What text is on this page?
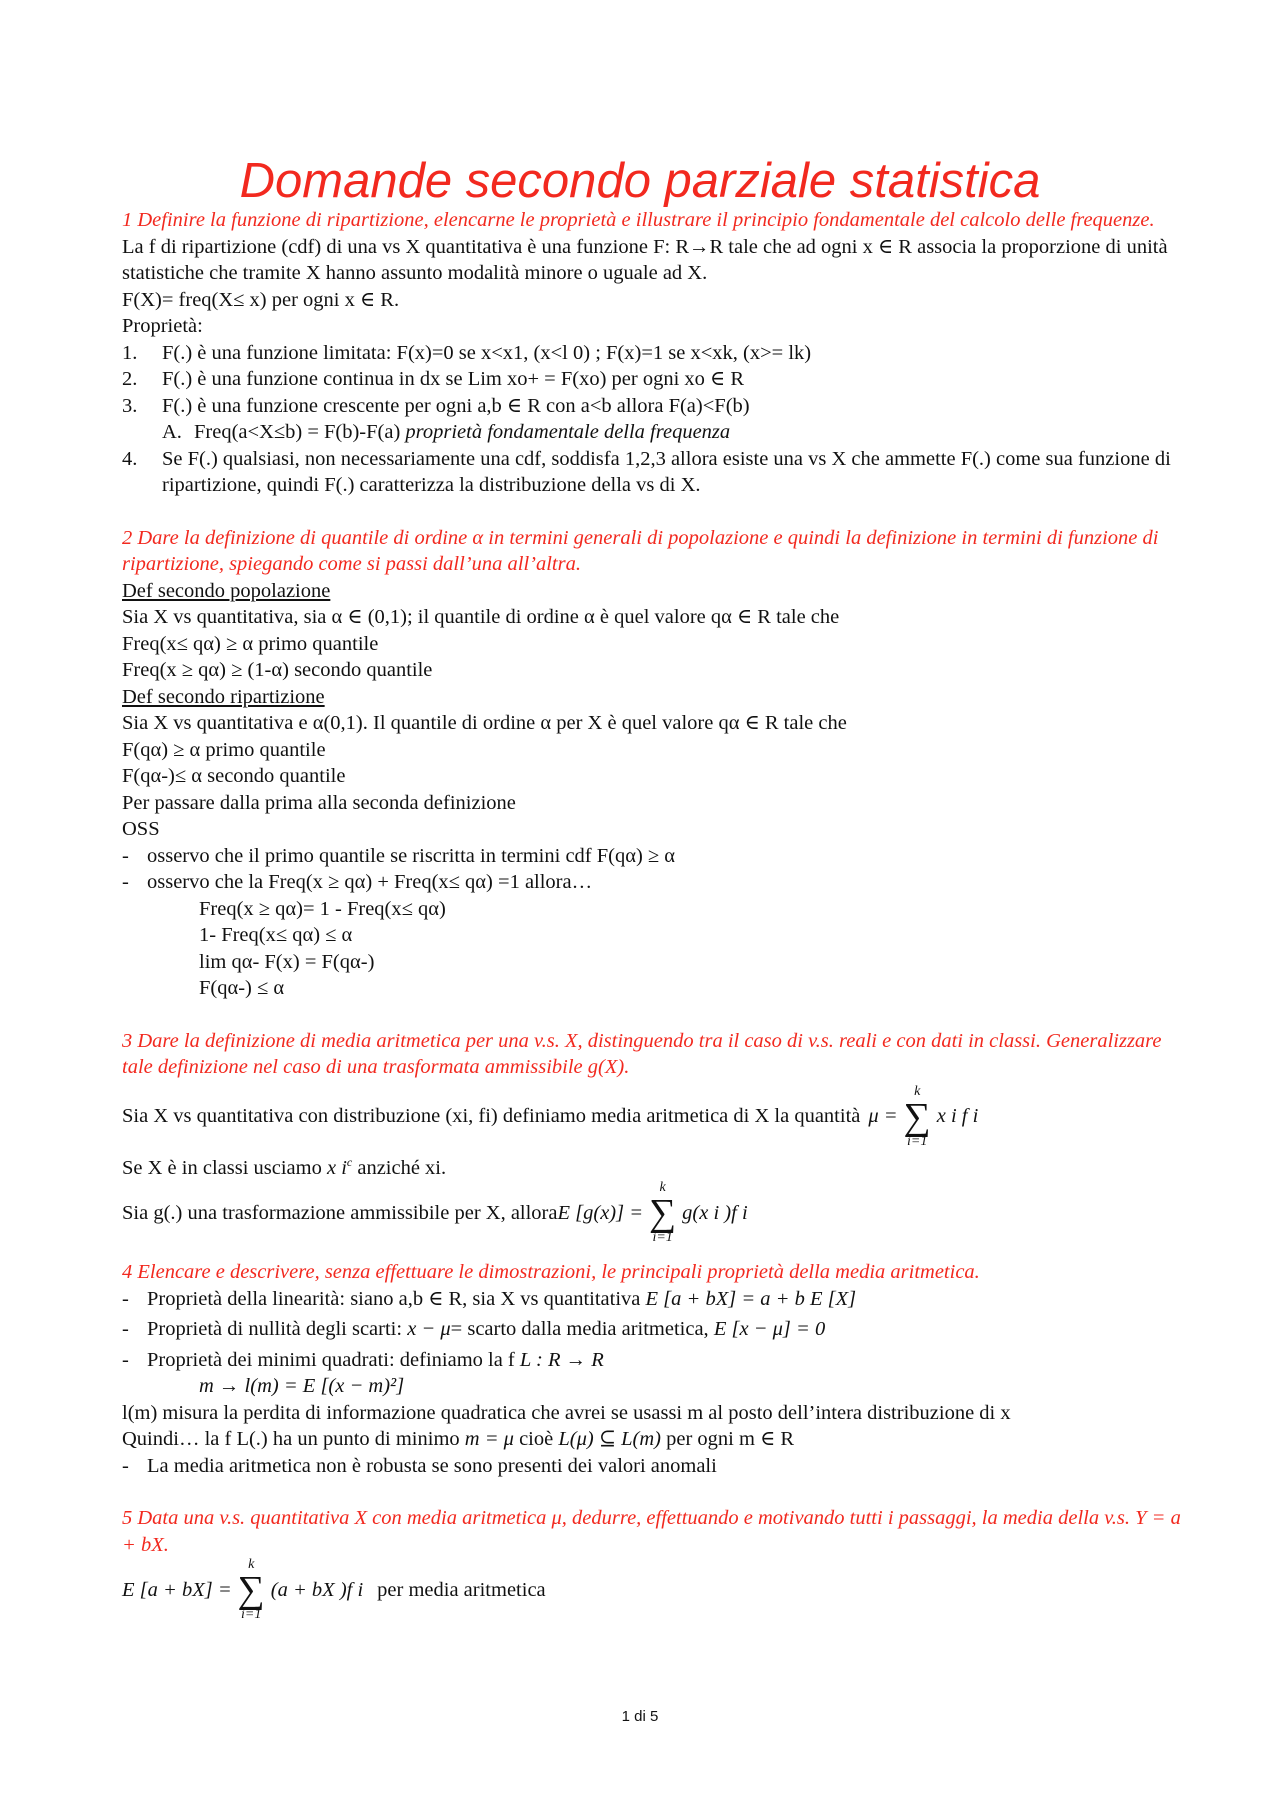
Domande secondo parziale statistica

1 Definire la funzione di ripartizione, elencarne le proprietà e illustrare il principio fondamentale del calcolo delle frequenze.

La f di ripartizione (cdf) di una vs X quantitativa è una funzione F: R→R tale che ad ogni x ∈ R associa la proporzione di unità statistiche che tramite X hanno assunto modalità minore o uguale ad X.

F(X)= freq(X≤ x) per ogni x ∈ R.

Proprietà:

1.	F(.) è una funzione limitata: F(x)=0 se x<x1, (x<l 0) ; F(x)=1 se x<xk, (x>= lk)
2.	F(.) è una funzione continua in dx se Lim xo+ = F(xo) per ogni xo ∈ R
3.	F(.) è una funzione crescente per ogni a,b ∈ R con a<b allora F(a)<F(b)
A. Freq(a<X≤b) = F(b)-F(a) proprietà fondamentale della frequenza
4.	Se F(.) qualsiasi, non necessariamente una cdf, soddisfa 1,2,3 allora esiste una vs X che ammette F(.) come sua funzione di ripartizione, quindi F(.) caratterizza la distribuzione della vs di X.

2 Dare la definizione di quantile di ordine α in termini generali di popolazione e quindi la definizione in termini di funzione di ripartizione, spiegando come si passi dall’una all’altra.

Def secondo popolazione

Sia X vs quantitativa, sia α ∈ (0,1); il quantile di ordine α è quel valore qα ∈ R tale che

Freq(x≤ qα) ≥ α primo quantile

Freq(x ≥ qα) ≥ (1-α) secondo quantile

Def secondo ripartizione

Sia X vs quantitativa e α(0,1). Il quantile di ordine α per X è quel valore qα ∈ R tale che

F(qα) ≥ α primo quantile

F(qα-)≤ α secondo quantile

Per passare dalla prima alla seconda definizione

OSS

- osservo che il primo quantile se riscritta in termini cdf F(qα) ≥ α
- osservo che la Freq(x ≥ qα) + Freq(x≤ qα) =1 allora…

Freq(x ≥ qα)= 1 - Freq(x≤ qα)

1- Freq(x≤ qα) ≤ α

lim qα- F(x) = F(qα-)

F(qα-) ≤ α

3 Dare la definizione di media aritmetica per una v.s. X, distinguendo tra il caso di v.s. reali e con dati in classi. Generalizzare tale definizione nel caso di una trasformata ammissibile g(X).

Sia X vs quantitativa con distribuzione (xi, fi) definiamo media aritmetica di X la quantità μ =
k
∑
i=1
x i f i

Se X è in classi usciamo x $i^c$ anziché xi.

Sia g(.) una trasformazione ammissibile per X, allora E [g(x)] =
k
∑
i=1
g(x i )f i

4 Elencare e descrivere, senza effettuare le dimostrazioni, le principali proprietà della media aritmetica.

- Proprietà della linearità: siano a,b ∈ R, sia X vs quantitativa E [a + bX] = a + b E [X]
- Proprietà di nullità degli scarti: x − μ= scarto dalla media aritmetica, E [x − μ] = 0
- Proprietà dei minimi quadrati: definiamo la f L : R → R

m → l(m) = E [(x − m)²]

l(m) misura la perdita di informazione quadratica che avrei se usassi m al posto dell’intera distribuzione di x

Quindi… la f L(.) ha un punto di minimo m = μ cioè L(μ) ⊆ L(m) per ogni m ∈ R

- La media aritmetica non è robusta se sono presenti dei valori anomali

5 Data una v.s. quantitativa X con media aritmetica μ, dedurre, effettuando e motivando tutti i passaggi, la media della v.s. Y = a + bX.

E [a + bX] =
k
∑
i=1
(a + bX )f i per media aritmetica
1 di 5
